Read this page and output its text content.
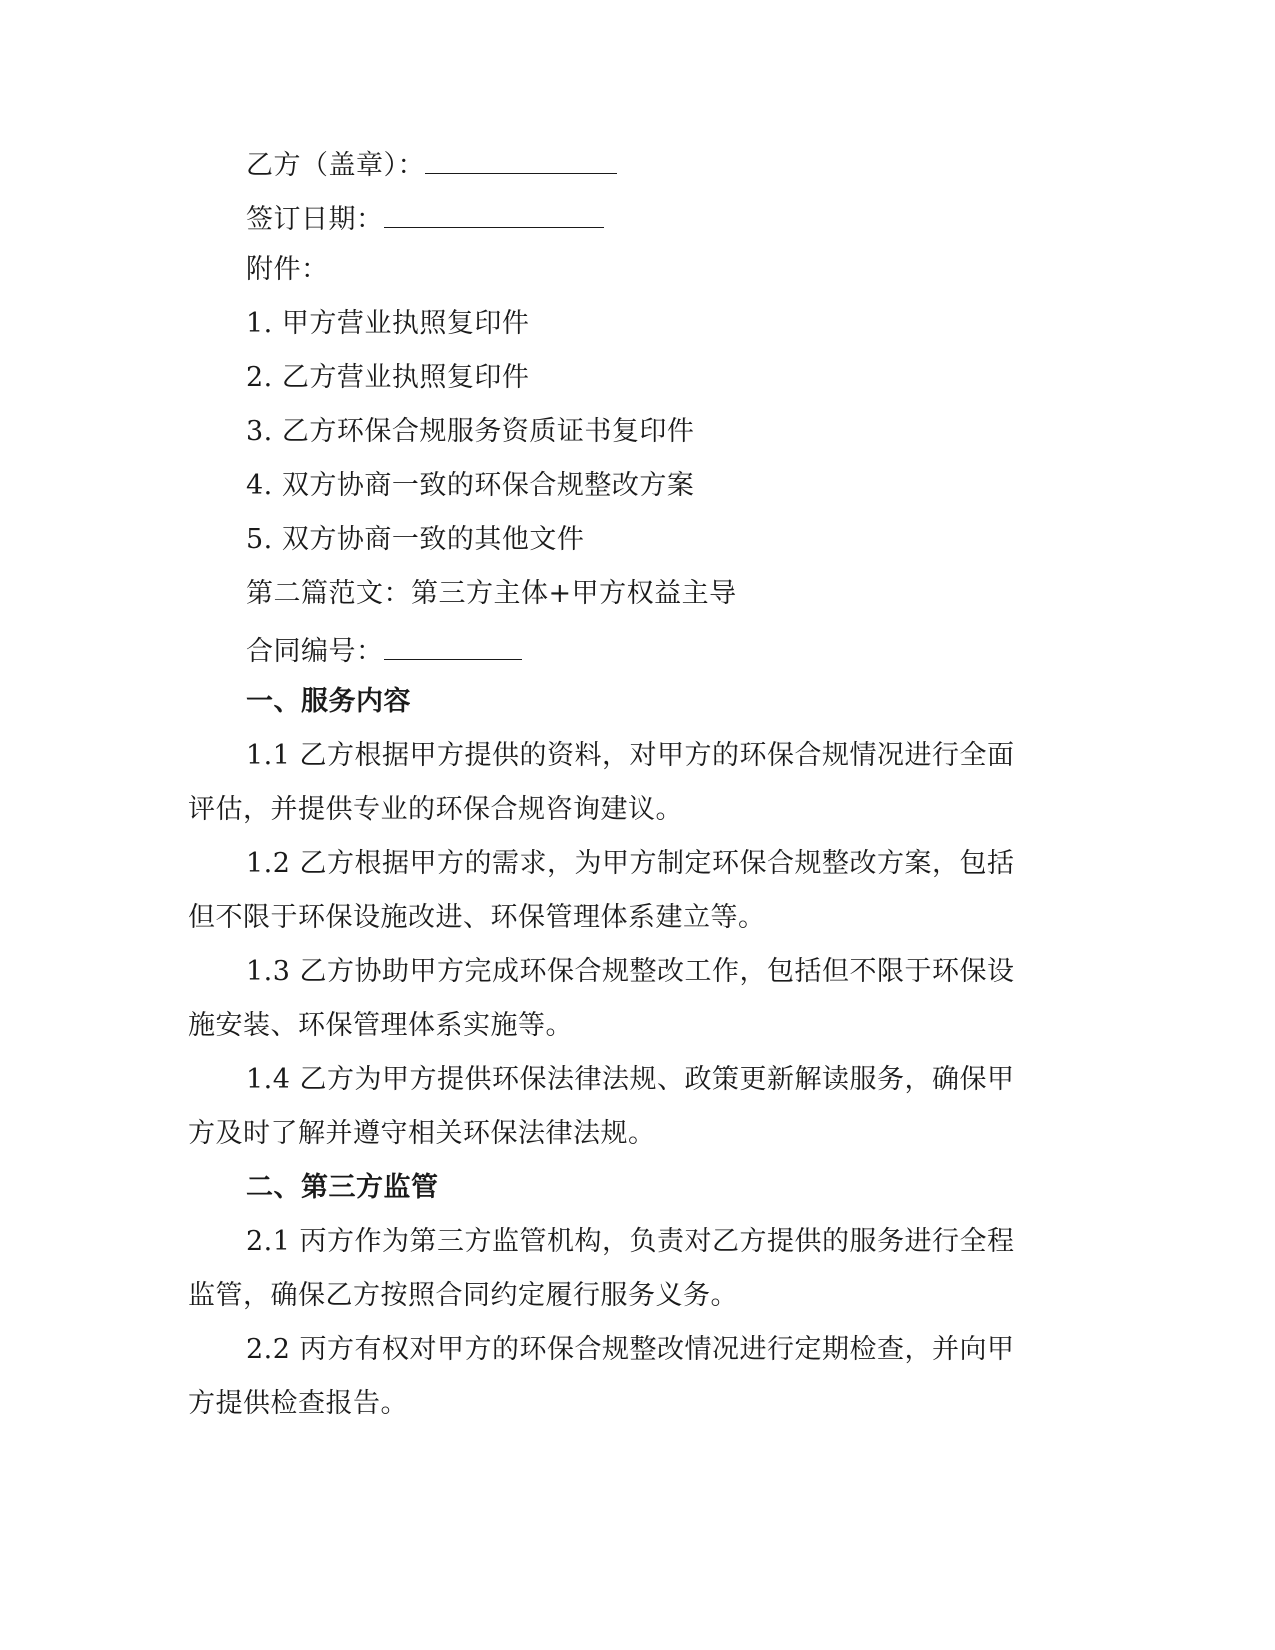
乙方（盖章）：
签订日期：
附件：
1. 甲方营业执照复印件
2. 乙方营业执照复印件
3. 乙方环保合规服务资质证书复印件
4. 双方协商一致的环保合规整改方案
5. 双方协商一致的其他文件
第二篇范文：第三方主体+甲方权益主导
合同编号：
一、服务内容
1.1 乙方根据甲方提供的资料，对甲方的环保合规情况进行全面
评估，并提供专业的环保合规咨询建议。
1.2 乙方根据甲方的需求，为甲方制定环保合规整改方案，包括
但不限于环保设施改进、环保管理体系建立等。
1.3 乙方协助甲方完成环保合规整改工作，包括但不限于环保设
施安装、环保管理体系实施等。
1.4 乙方为甲方提供环保法律法规、政策更新解读服务，确保甲
方及时了解并遵守相关环保法律法规。
二、第三方监管
2.1 丙方作为第三方监管机构，负责对乙方提供的服务进行全程
监管，确保乙方按照合同约定履行服务义务。
2.2 丙方有权对甲方的环保合规整改情况进行定期检查，并向甲
方提供检查报告。
